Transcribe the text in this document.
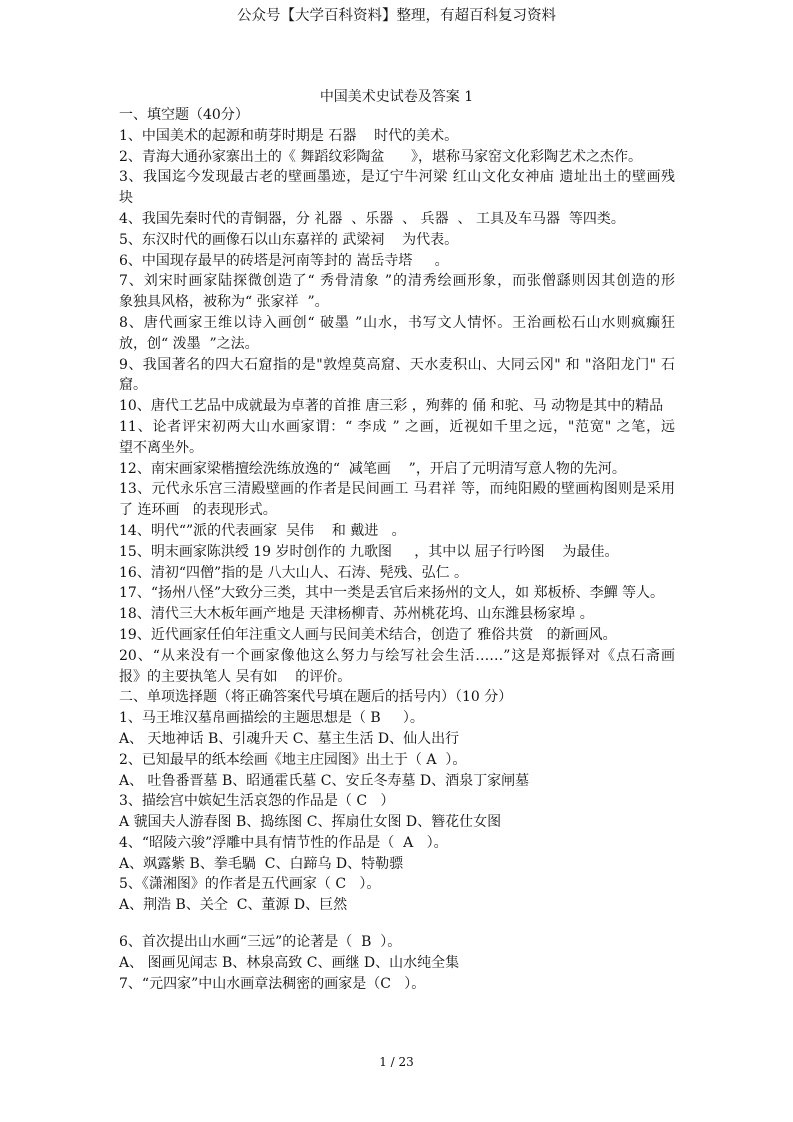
公众号【大学百科资料】整理，有超百科复习资料
中国美术史试卷及答案 1
一、填空题（40分）
1、中国美术的起源和萌芽时期是 石器    时代的美术。
2、青海大通孙家寨出土的《 舞蹈纹彩陶盆      》，堪称马家窑文化彩陶艺术之杰作。
3、我国迄今发现最古老的壁画墨迹，是辽宁牛河梁 红山文化女神庙 遗址出土的壁画残
块
4、我国先秦时代的青铜器，分 礼器  、乐器  、 兵器  、 工具及车马器  等四类。
5、东汉时代的画像石以山东嘉祥的 武梁祠    为代表。
6、中国现存最早的砖塔是河南等封的 嵩岳寺塔     。
7、刘宋时画家陆探微创造了“ 秀骨清象 ”的清秀绘画形象，而张僧繇则因其创造的形
象独具风格，被称为“ 张家祥  ”。
8、唐代画家王维以诗入画创“ 破墨 ”山水，书写文人情怀。王治画松石山水则疯癫狂
放，创“ 泼墨  ”之法。
9、我国著名的四大石窟指的是"敦煌莫高窟、天水麦积山、大同云冈" 和 "洛阳龙门" 石
窟。
10、唐代工艺品中成就最为卓著的首推 唐三彩 ，殉葬的 俑 和驼、马 动物是其中的精品
11、论者评宋初两大山水画家谓：“ 李成 ” 之画，近视如千里之远，"范宽" 之笔，远
望不离坐外。
12、南宋画家梁楷擅绘洗练放逸的“  减笔画    ”，开启了元明清写意人物的先河。
13、元代永乐宫三清殿壁画的作者是民间画工 马君祥 等，而纯阳殿的壁画构图则是采用
了 连环画   的表现形式。
14、明代“”派的代表画家  吴伟    和 戴进   。
15、明末画家陈洪绶 19 岁时创作的 九歌图     ，其中以 屈子行吟图    为最佳。
16、清初“四僧”指的是 八大山人、石涛、髡残、弘仁 。
17、“扬州八怪”大致分三类，其中一类是丢官后来扬州的文人，如 郑板桥、李鱓 等人。
18、清代三大木板年画产地是 天津杨柳青、苏州桃花坞、山东潍县杨家埠 。
19、近代画家任伯年注重文人画与民间美术结合，创造了 雅俗共赏   的新画风。
20、“从来没有一个画家像他这么努力与绘写社会生活……”这是郑振铎对《点石斋画
报》的主要执笔人 吴有如    的评价。
二、单项选择题（将正确答案代号填在题后的括号内）（10 分）
1、马王堆汉墓帛画描绘的主题思想是（ B     ）。
A、 天地神话 B、引魂升天 C、墓主生活 D、仙人出行
2、已知最早的纸本绘画《地主庄园图》出土于（ A  ）。
A、 吐鲁番晋墓 B、昭通霍氏墓 C、安丘冬寿墓 D、酒泉丁家闸墓
3、描绘宫中嫔妃生活哀怨的作品是（ C   ）
A 虢国夫人游春图 B、捣练图 C、挥扇仕女图 D、簪花仕女图
4、“昭陵六骏”浮雕中具有情节性的作品是（  A   ）。
A、飒露紫 B、拳毛騧  C、白蹄乌 D、特勒骠
5、《潇湘图》的作者是五代画家（ C   ）。
A、荆浩 B、关仝  C、董源 D、巨然
6、首次提出山水画“三远”的论著是（  B  ）。
A、 图画见闻志 B、林泉高致 C、画继 D、山水纯全集
7、“元四家”中山水画章法稠密的画家是（C   ）。
1 / 23
